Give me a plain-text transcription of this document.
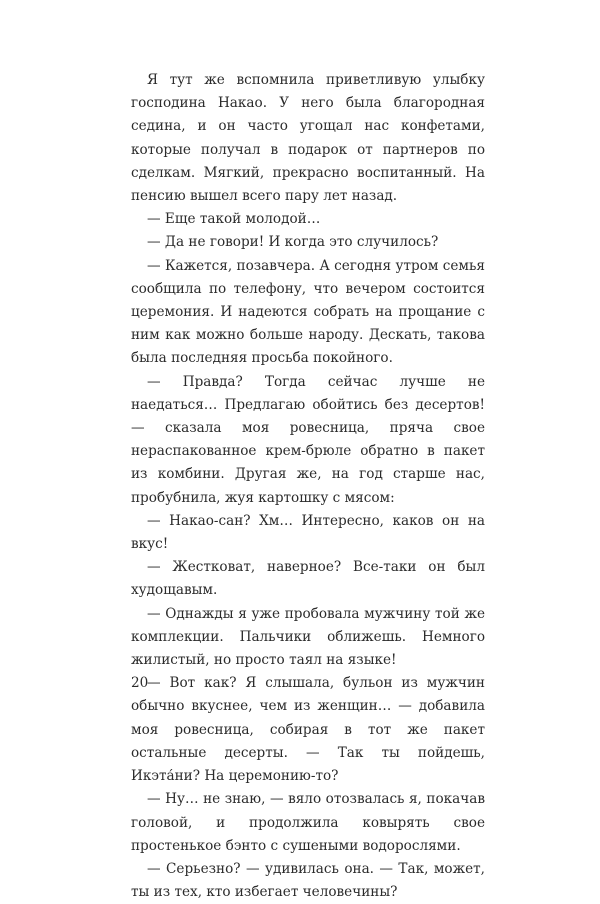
Я тут же вспомнила приветливую улыбку господина Накао. У него была благородная седина, и он часто угощал нас конфетами, которые получал в подарок от партнеров по сделкам. Мягкий, прекрасно воспитанный. На пенсию вышел всего пару лет назад.

— Еще такой молодой…

— Да не говори! И когда это случилось?

— Кажется, позавчера. А сегодня утром семья сообщила по телефону, что вечером состоится церемония. И надеются собрать на прощание с ним как можно больше народу. Дескать, такова была последняя просьба покойного.

— Правда? Тогда сейчас лучше не наедаться… Предлагаю обойтись без десертов! — сказала моя ровесница, пряча свое нераспакованное крем-брюле обратно в пакет из комбини. Другая же, на год старше нас, пробубнила, жуя картошку с мясом:

— Накао-сан? Хм… Интересно, каков он на вкус!

— Жестковат, наверное? Все-таки он был худощавым.

— Однажды я уже пробовала мужчину той же комплекции. Пальчики оближешь. Немного жилистый, но просто таял на языке!

— Вот как? Я слышала, бульон из мужчин обычно вкуснее, чем из женщин… — добавила моя ровесница, собирая в тот же пакет остальные десерты. — Так ты пойдешь, Икэта́ни? На церемонию-то?

— Ну… не знаю, — вяло отозвалась я, покачав головой, и продолжила ковырять свое простенькое бэнто с сушеными водорослями.

— Серьезно? — удивилась она. — Так, может, ты из тех, кто избегает человечины?

20
